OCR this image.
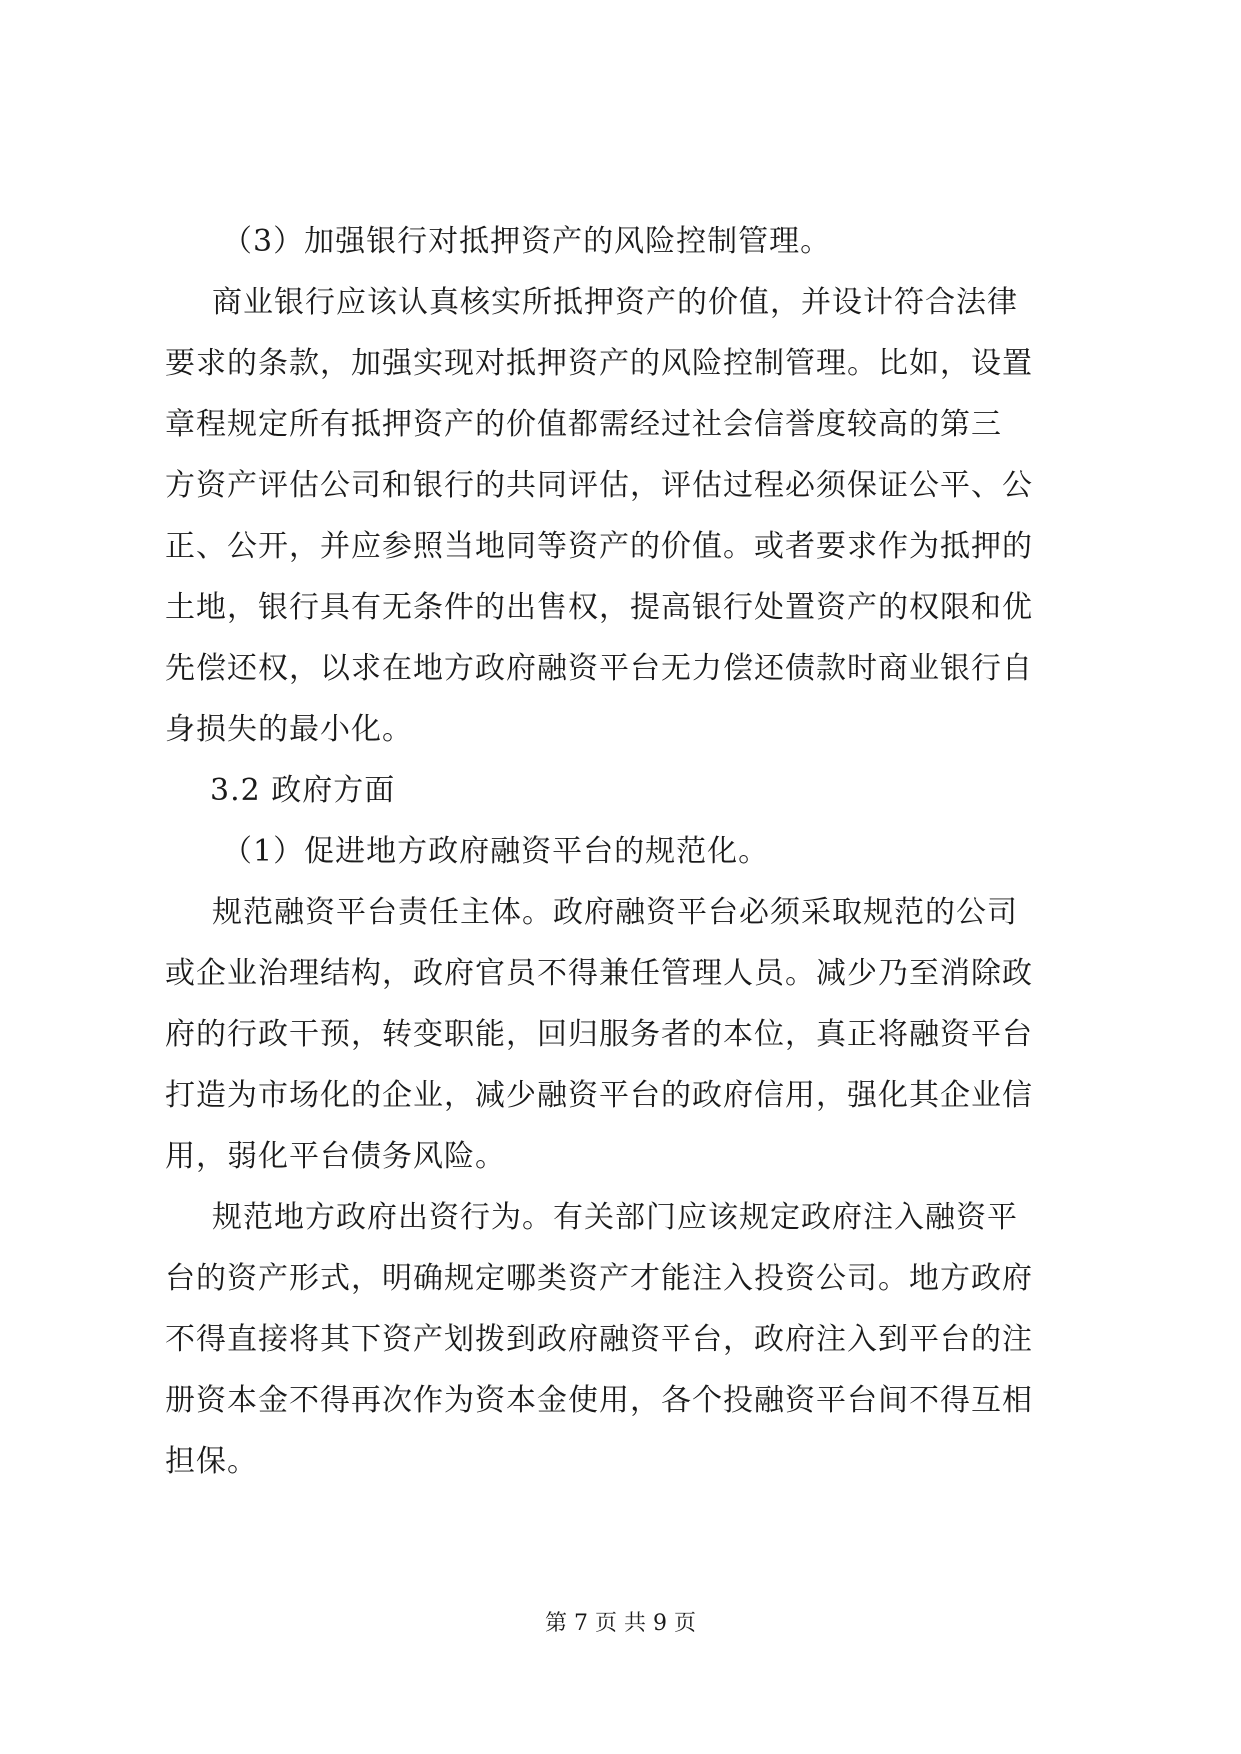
（3）加强银行对抵押资产的风险控制管理。
商业银行应该认真核实所抵押资产的价值，并设计符合法律
要求的条款，加强实现对抵押资产的风险控制管理。比如，设置
章程规定所有抵押资产的价值都需经过社会信誉度较高的第三
方资产评估公司和银行的共同评估，评估过程必须保证公平、公
正、公开，并应参照当地同等资产的价值。或者要求作为抵押的
土地，银行具有无条件的出售权，提高银行处置资产的权限和优
先偿还权，以求在地方政府融资平台无力偿还债款时商业银行自
身损失的最小化。
3.2 政府方面
（1）促进地方政府融资平台的规范化。
规范融资平台责任主体。政府融资平台必须采取规范的公司
或企业治理结构，政府官员不得兼任管理人员。减少乃至消除政
府的行政干预，转变职能，回归服务者的本位，真正将融资平台
打造为市场化的企业，减少融资平台的政府信用，强化其企业信
用，弱化平台债务风险。
规范地方政府出资行为。有关部门应该规定政府注入融资平
台的资产形式，明确规定哪类资产才能注入投资公司。地方政府
不得直接将其下资产划拨到政府融资平台，政府注入到平台的注
册资本金不得再次作为资本金使用，各个投融资平台间不得互相
担保。
第 7 页 共 9 页
